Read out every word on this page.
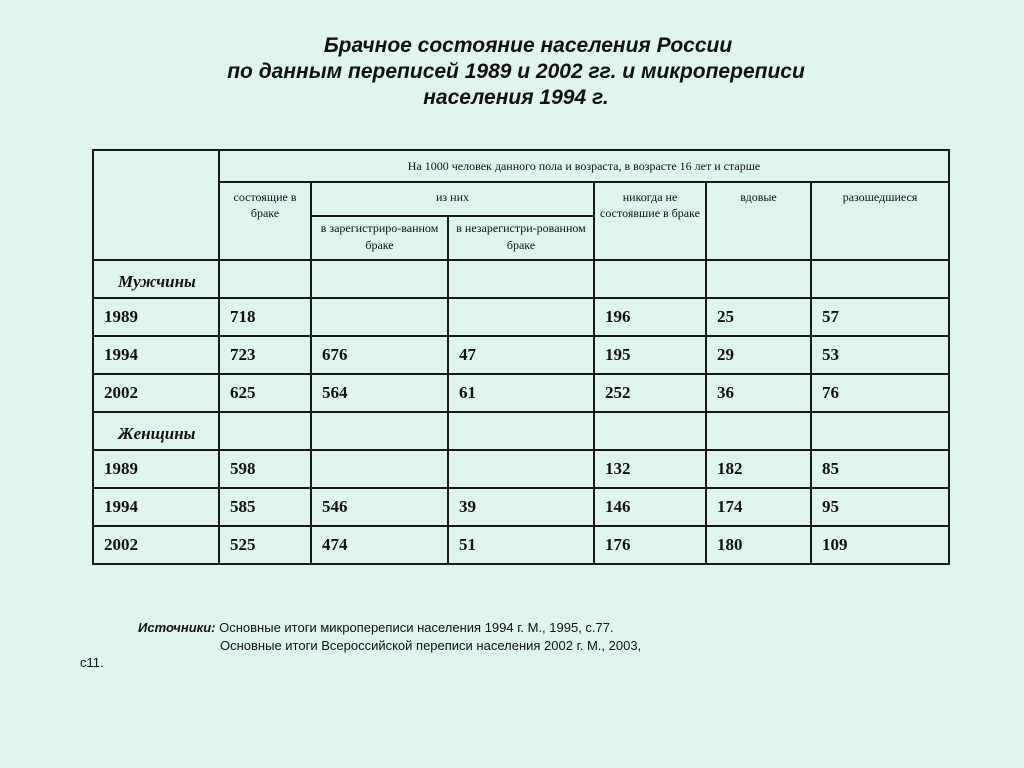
Брачное состояние населения России
по данным переписей 1989 и 2002 гг. и микропереписи
населения 1994 г.
	На 1000 человек данного пола и возраста, в возрасте 16 лет и старше					
	состоящие в браке	из них		никогда не состоявшие в браке	вдовые	разошедшиеся
		в зарегистриро-ванном браке	в незарегистри-рованном браке			
Мужчины						
1989	718			196	25	57
1994	723	676	47	195	29	53
2002	625	564	61	252	36	76
Женщины						
1989	598			132	182	85
1994	585	546	39	146	174	95
2002	525	474	51	176	180	109
Источники: Основные итоги микропереписи населения 1994 г. М., 1995, с.77.
Основные итоги Всероссийской переписи населения 2002 г. М., 2003,
с11.
